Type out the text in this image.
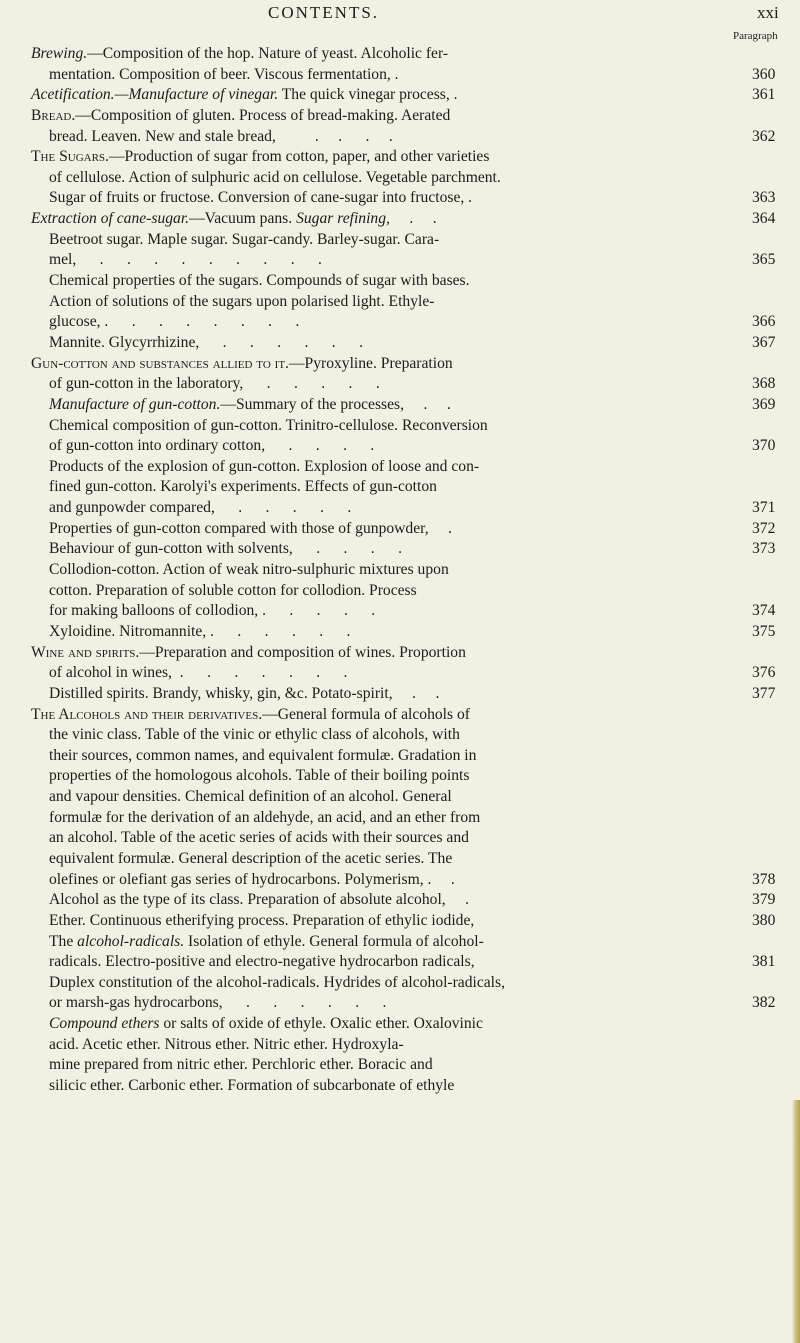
CONTENTS.	xxi
Paragraph
Brewing.—Composition of the hop. Nature of yeast. Alcoholic fer-
mentation. Composition of beer. Viscous fermentation, .	360
Acetification.—Manufacture of vinegar. The quick vinegar process, .	361
Bread.—Composition of gluten. Process of bread-making. Aerated
bread. Leaven. New and stale bread,          .     .      .     .	362
The Sugars.—Production of sugar from cotton, paper, and other varieties
of cellulose. Action of sulphuric acid on cellulose. Vegetable parchment.
Sugar of fruits or fructose. Conversion of cane-sugar into fructose, .	363
Extraction of cane-sugar.—Vacuum pans. Sugar refining,     .     .	364
Beetroot sugar. Maple sugar. Sugar-candy. Barley-sugar. Cara-
mel,      .      .      .      .      .      .      .      .      .	365
Chemical properties of the sugars. Compounds of sugar with bases.
Action of solutions of the sugars upon polarised light. Ethyle-
glucose, .      .      .      .      .      .      .      .	366
Mannite. Glycyrrhizine,      .      .      .      .      .      .	367
Gun-cotton and substances allied to it.—Pyroxyline. Preparation
of gun-cotton in the laboratory,      .      .      .      .      .	368
Manufacture of gun-cotton.—Summary of the processes,     .     .	369
Chemical composition of gun-cotton. Trinitro-cellulose. Reconversion
of gun-cotton into ordinary cotton,      .      .      .      .	370
Products of the explosion of gun-cotton. Explosion of loose and con-
fined gun-cotton. Karolyi's experiments. Effects of gun-cotton
and gunpowder compared,      .      .      .      .      .	371
Properties of gun-cotton compared with those of gunpowder,     .	372
Behaviour of gun-cotton with solvents,      .      .      .      .	373
Collodion-cotton. Action of weak nitro-sulphuric mixtures upon
cotton. Preparation of soluble cotton for collodion. Process
for making balloons of collodion, .      .      .      .      .	374
Xyloidine. Nitromannite, .      .      .      .      .      .	375
Wine and spirits.—Preparation and composition of wines. Proportion
of alcohol in wines,  .      .      .      .      .      .      .	376
Distilled spirits. Brandy, whisky, gin, &c. Potato-spirit,     .     .	377
The Alcohols and their derivatives.—General formula of alcohols of
the vinic class. Table of the vinic or ethylic class of alcohols, with
their sources, common names, and equivalent formulæ. Gradation in
properties of the homologous alcohols. Table of their boiling points
and vapour densities. Chemical definition of an alcohol. General
formulæ for the derivation of an aldehyde, an acid, and an ether from
an alcohol. Table of the acetic series of acids with their sources and
equivalent formulæ. General description of the acetic series. The
olefines or olefiant gas series of hydrocarbons. Polymerism, .     .	378
Alcohol as the type of its class. Preparation of absolute alcohol,     .	379
Ether. Continuous etherifying process. Preparation of ethylic iodide,	380
The alcohol-radicals. Isolation of ethyle. General formula of alcohol-
radicals. Electro-positive and electro-negative hydrocarbon radicals,	381
Duplex constitution of the alcohol-radicals. Hydrides of alcohol-radicals,
or marsh-gas hydrocarbons,      .      .      .      .      .      .	382
Compound ethers or salts of oxide of ethyle. Oxalic ether. Oxalovinic
acid. Acetic ether. Nitrous ether. Nitric ether. Hydroxyla-
mine prepared from nitric ether. Perchloric ether. Boracic and
silicic ether. Carbonic ether. Formation of subcarbonate of ethyle
